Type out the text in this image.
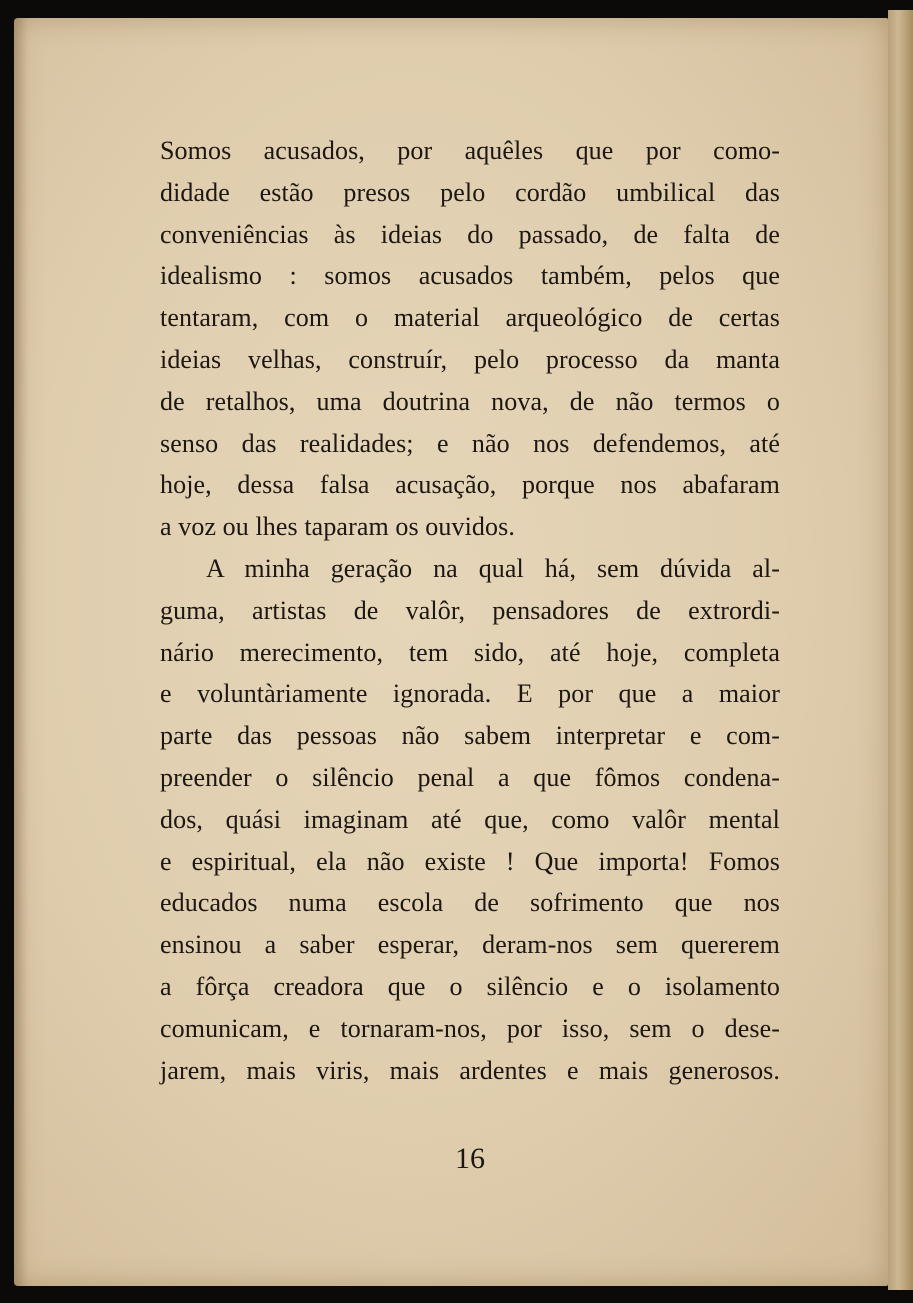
Somos acusados, por aquêles que por como-
didade estão presos pelo cordão umbilical das
conveniências às ideias do passado, de falta de
idealismo : somos acusados também, pelos que
tentaram, com o material arqueológico de certas
ideias velhas, construír, pelo processo da manta
de retalhos, uma doutrina nova, de não termos o
senso das realidades; e não nos defendemos, até
hoje, dessa falsa acusação, porque nos abafaram
a voz ou lhes taparam os ouvidos.
A minha geração na qual há, sem dúvida al-
guma, artistas de valôr, pensadores de extrordi-
nário merecimento, tem sido, até hoje, completa
e voluntàriamente ignorada. E por que a maior
parte das pessoas não sabem interpretar e com-
preender o silêncio penal a que fômos condena-
dos, quási imaginam até que, como valôr mental
e espiritual, ela não existe ! Que importa! Fomos
educados numa escola de sofrimento que nos
ensinou a saber esperar, deram-nos sem quererem
a fôrça creadora que o silêncio e o isolamento
comunicam, e tornaram-nos, por isso, sem o dese-
jarem, mais viris, mais ardentes e mais generosos.
16
